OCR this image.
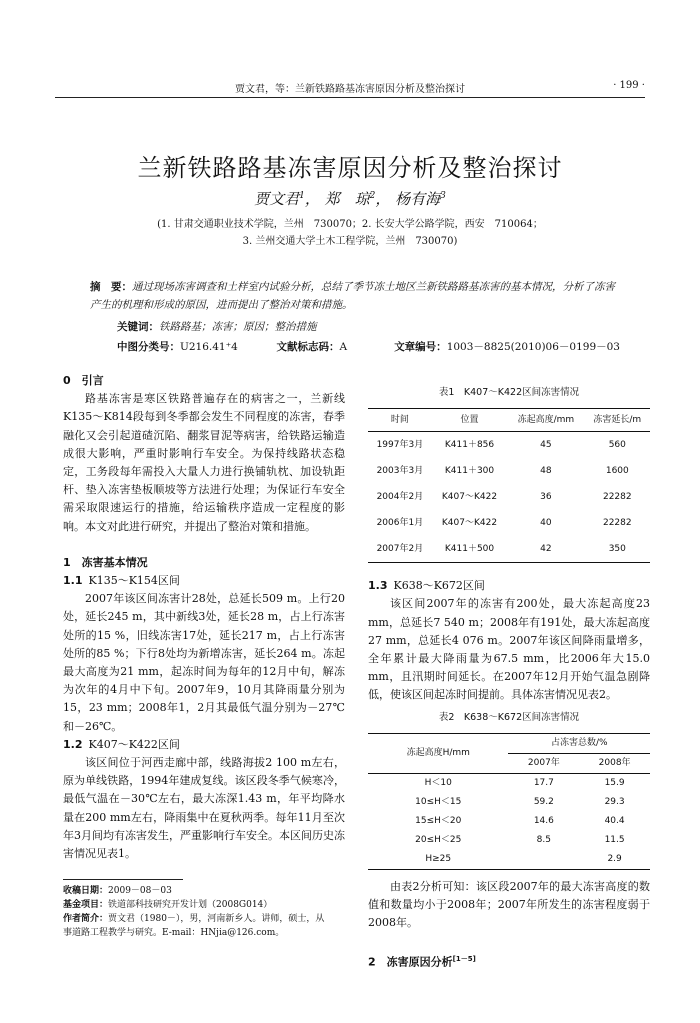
贾文君，等：兰新铁路路基冻害原因分析及整治探讨	· 199 ·
兰新铁路路基冻害原因分析及整治探讨
贾文君$^1$， 郑　琼$^2$， 杨有海$^3$
(1. 甘肃交通职业技术学院，兰州　730070；2. 长安大学公路学院，西安　710064；
3. 兰州交通大学土木工程学院，兰州　730070)
摘　要：通过现场冻害调查和土样室内试验分析，总结了季节冻土地区兰新铁路路基冻害的基本情况，分析了冻害产生的机理和形成的原因，进而提出了整治对策和措施。
关键词：铁路路基；冻害；原因；整治措施
中图分类号：U216.41⁺4	文献标志码：A	文章编号：1003－8825(2010)06－0199－03
0　引言

路基冻害是寒区铁路普遍存在的病害之一，兰新线K135～K814段每到冬季都会发生不同程度的冻害，春季融化又会引起道碴沉陷、翻浆冒泥等病害，给铁路运输造成很大影响，严重时影响行车安全。为保持线路状态稳定，工务段每年需投入大量人力进行换铺轨枕、加设轨距杆、垫入冻害垫板顺坡等方法进行处理；为保证行车安全需采取限速运行的措施，给运输秩序造成一定程度的影响。本文对此进行研究，并提出了整治对策和措施。

1　冻害基本情况
1.1 K135～K154区间

2007年该区间冻害计28处，总延长509 m。上行20处，延长245 m，其中新线3处，延长28 m，占上行冻害处所的15 %，旧线冻害17处，延长217 m，占上行冻害处所的85 %；下行8处均为新增冻害，延长264 m。冻起最大高度为21 mm，起冻时间为每年的12月中旬，解冻为次年的4月中下旬。2007年9，10月其降雨量分别为15，23 mm；2008年1，2月其最低气温分别为－27℃和－26℃。

1.2 K407～K422区间

该区间位于河西走廊中部，线路海拔2 100 m左右，原为单线铁路，1994年建成复线。该区段冬季气候寒冷，最低气温在－30℃左右，最大冻深1.43 m，年平均降水量在200 mm左右，降雨集中在夏秋两季。每年11月至次年3月间均有冻害发生，严重影响行车安全。本区间历史冻害情况见表1。

收稿日期：2009－08－03
基金项目：铁道部科技研究开发计划（2008G014）
作者简介：贾文君（1980－），男，河南新乡人。讲师，硕士，从
事道路工程教学与研究。E-mail：HNjia@126.com。
表1　K407～K422区间冻害情况
时间	位置	冻起高度/mm	冻害延长/m
1997年3月	K411＋856	45	560
2003年3月	K411＋300	48	1600
2004年2月	K407～K422	36	22282
2006年1月	K407～K422	40	22282
2007年2月	K411＋500	42	350
1.3 K638～K672区间

该区间2007年的冻害有200处，最大冻起高度23 mm，总延长7 540 m；2008年有191处，最大冻起高度27 mm，总延长4 076 m。2007年该区间降雨量增多，全年累计最大降雨量为67.5 mm，比2006年大15.0 mm，且汛期时间延长。在2007年12月开始气温急剧降低，使该区间起冻时间提前。具体冻害情况见表2。

表2　K638～K672区间冻害情况
冻起高度H/mm	占冻害总数/%	
	2007年	2008年
H＜10	17.7	15.9
10≤H＜15	59.2	29.3
15≤H＜20	14.6	40.4
20≤H＜25	8.5	11.5
H≥25		2.9

由表2分析可知：该区段2007年的最大冻害高度的数值和数量均小于2008年；2007年所发生的冻害程度弱于2008年。

2　冻害原因分析[1－5]
